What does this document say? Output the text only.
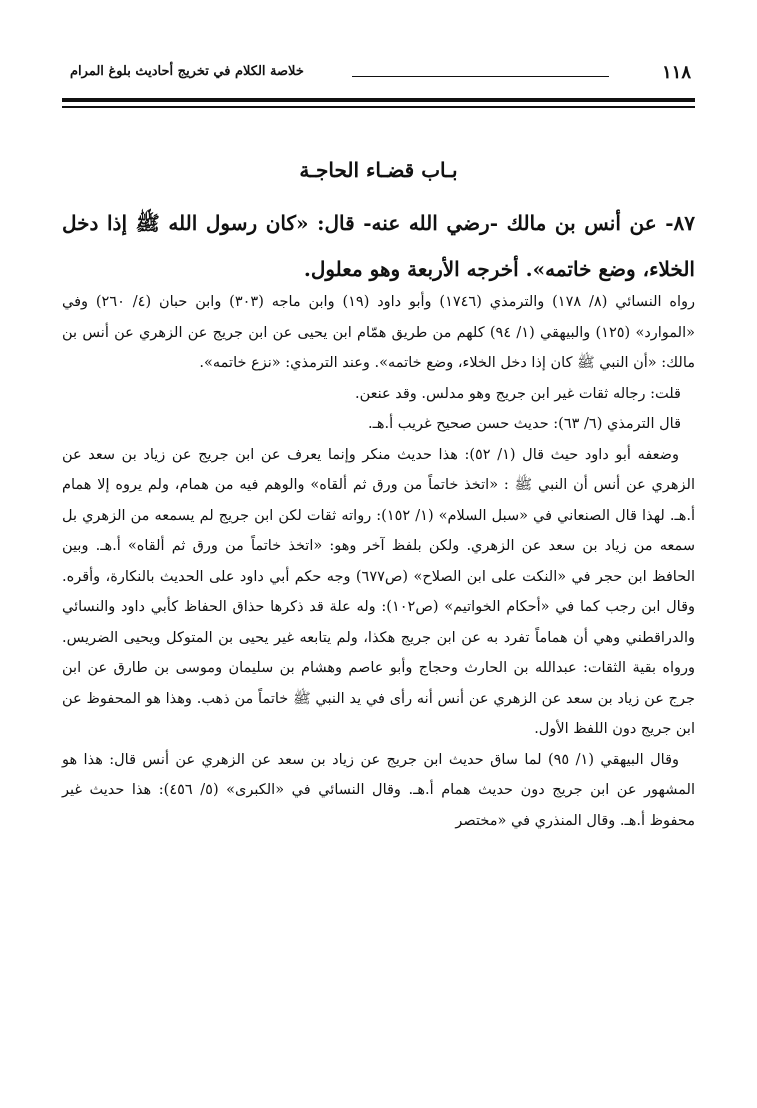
١١٨
خلاصة الكلام في تخريج أحاديث بلوغ المرام
بـاب قضـاء الحاجـة
٨٧- عن أنس بن مالك -رضي الله عنه- قال: «كان رسول الله ﷺ إذا دخل الخلاء، وضع خاتمه». أخرجه الأربعة وهو معلول.

رواه النسائي (٨/ ١٧٨) والترمذي (١٧٤٦) وأبو داود (١٩) وابن ماجه (٣٠٣) وابن حبان (٤/ ٢٦٠) وفي «الموارد» (١٢٥) والبيهقي (١/ ٩٤) كلهم من طريق همّام ابن يحيى عن ابن جريج عن الزهري عن أنس بن مالك: «أن النبي ﷺ كان إذا دخل الخلاء، وضع خاتمه». وعند الترمذي: «نزع خاتمه».

قلت: رجاله ثقات غير ابن جريج وهو مدلس. وقد عنعن.

قال الترمذي (٦/ ٦٣): حديث حسن صحيح غريب أ.هـ.

وضعفه أبو داود حيث قال (١/ ٥٢): هذا حديث منكر وإنما يعرف عن ابن جريج عن زياد بن سعد عن الزهري عن أنس أن النبي ﷺ : «اتخذ خاتماً من ورق ثم ألقاه» والوهم فيه من همام، ولم يروه إلا همام أ.هـ. لهذا قال الصنعاني في «سبل السلام» (١/ ١٥٢): رواته ثقات لكن ابن جريج لم يسمعه من الزهري بل سمعه من زياد بن سعد عن الزهري. ولكن بلفظ آخر وهو: «اتخذ خاتماً من ورق ثم ألقاه» أ.هـ. وبين الحافظ ابن حجر في «النكت على ابن الصلاح» (ص٦٧٧) وجه حكم أبي داود على الحديث بالنكارة، وأقره. وقال ابن رجب كما في «أحكام الخواتيم» (ص١٠٢): وله علة قد ذكرها حذاق الحفاظ كأبي داود والنسائي والدراقطني وهي أن هماماً تفرد به عن ابن جريج هكذا، ولم يتابعه غير يحيى بن المتوكل ويحيى الضريس. ورواه بقية الثقات: عبدالله بن الحارث وحجاج وأبو عاصم وهشام بن سليمان وموسى بن طارق عن ابن جرج عن زياد بن سعد عن الزهري عن أنس أنه رأى في يد النبي ﷺ خاتماً من ذهب. وهذا هو المحفوظ عن ابن جريج دون اللفظ الأول.

وقال البيهقي (١/ ٩٥) لما ساق حديث ابن جريج عن زياد بن سعد عن الزهري عن أنس قال: هذا هو المشهور عن ابن جريج دون حديث همام أ.هـ. وقال النسائي في «الكبرى» (٥/ ٤٥٦): هذا حديث غير محفوظ أ.هـ. وقال المنذري في «مختصر
